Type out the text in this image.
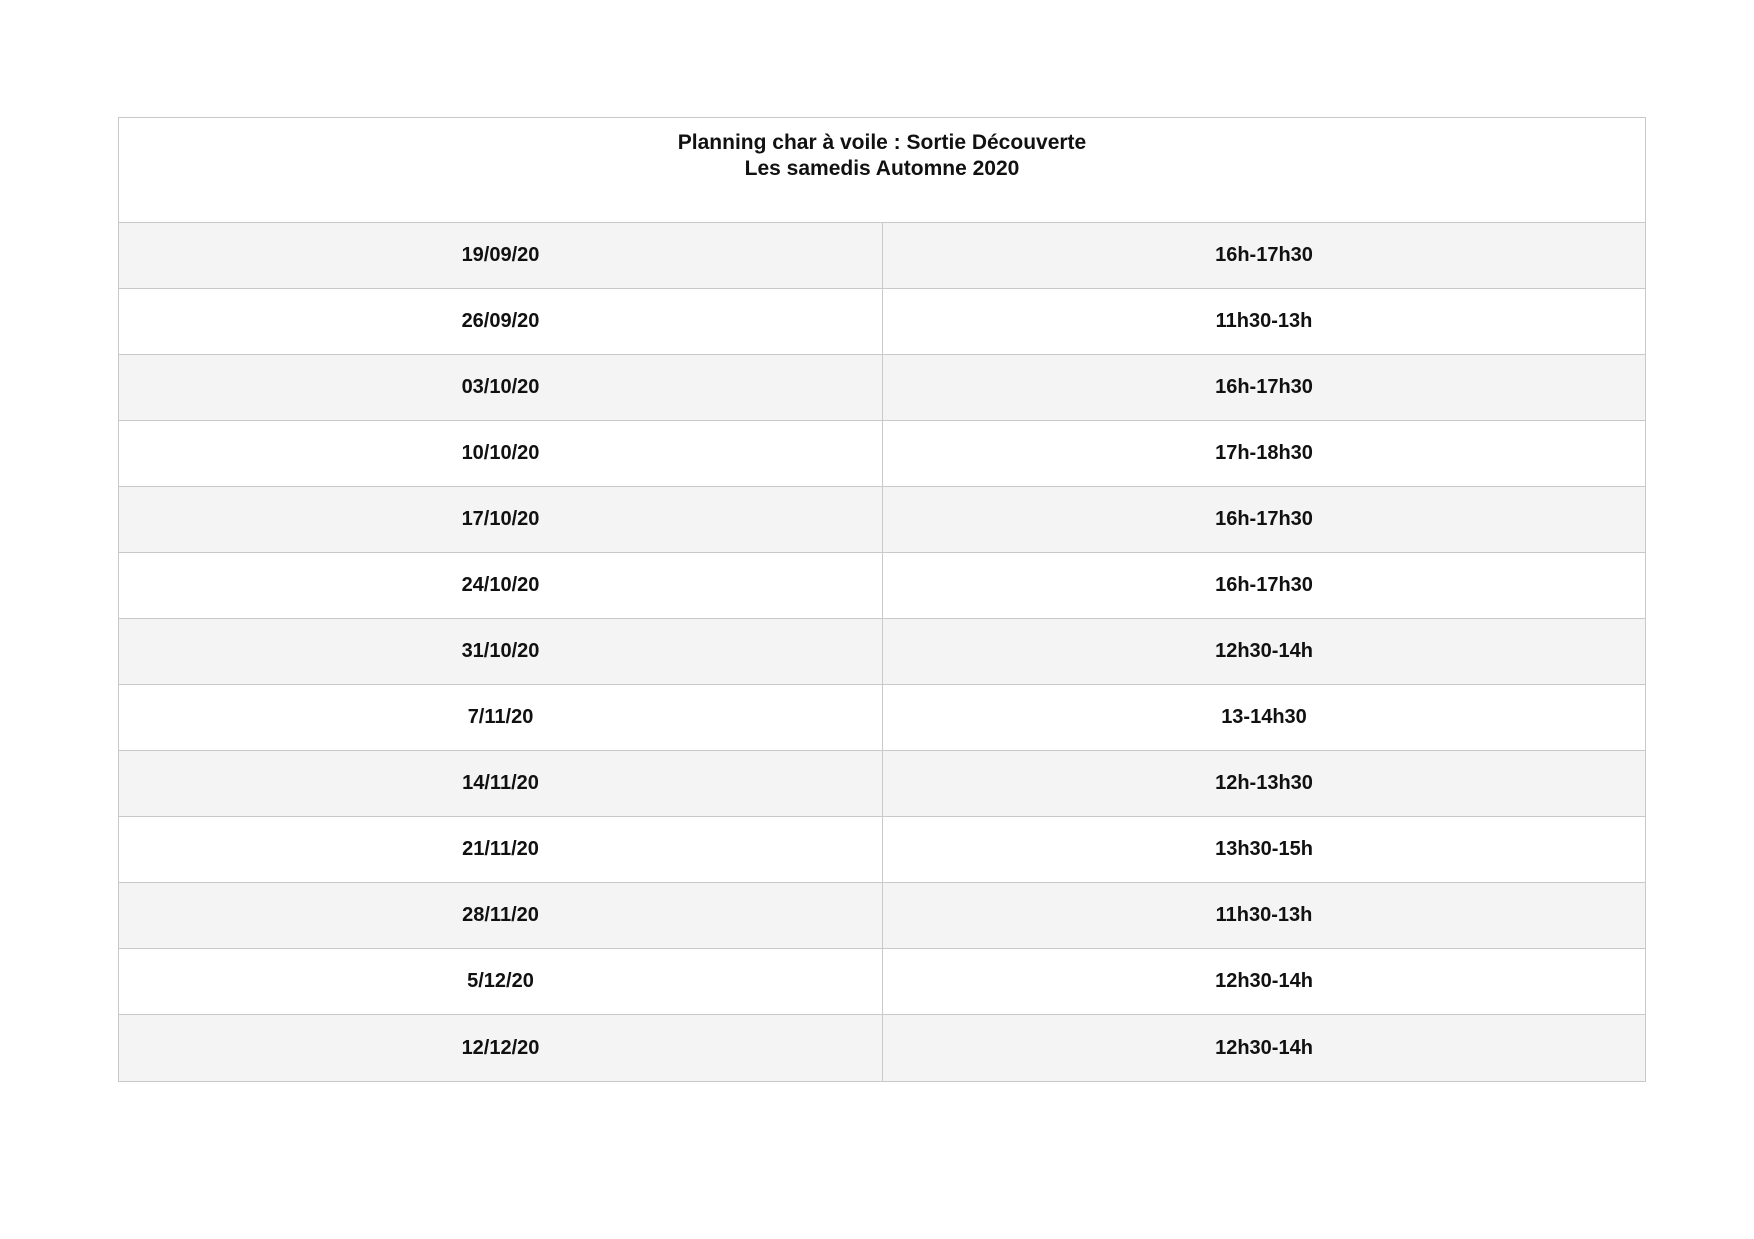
Planning char à voile : Sortie Découverte
Les samedis Automne 2020
19/09/20	16h-17h30
26/09/20	11h30-13h
03/10/20	16h-17h30
10/10/20	17h-18h30
17/10/20	16h-17h30
24/10/20	16h-17h30
31/10/20	12h30-14h
7/11/20	13-14h30
14/11/20	12h-13h30
21/11/20	13h30-15h
28/11/20	11h30-13h
5/12/20	12h30-14h
12/12/20	12h30-14h
